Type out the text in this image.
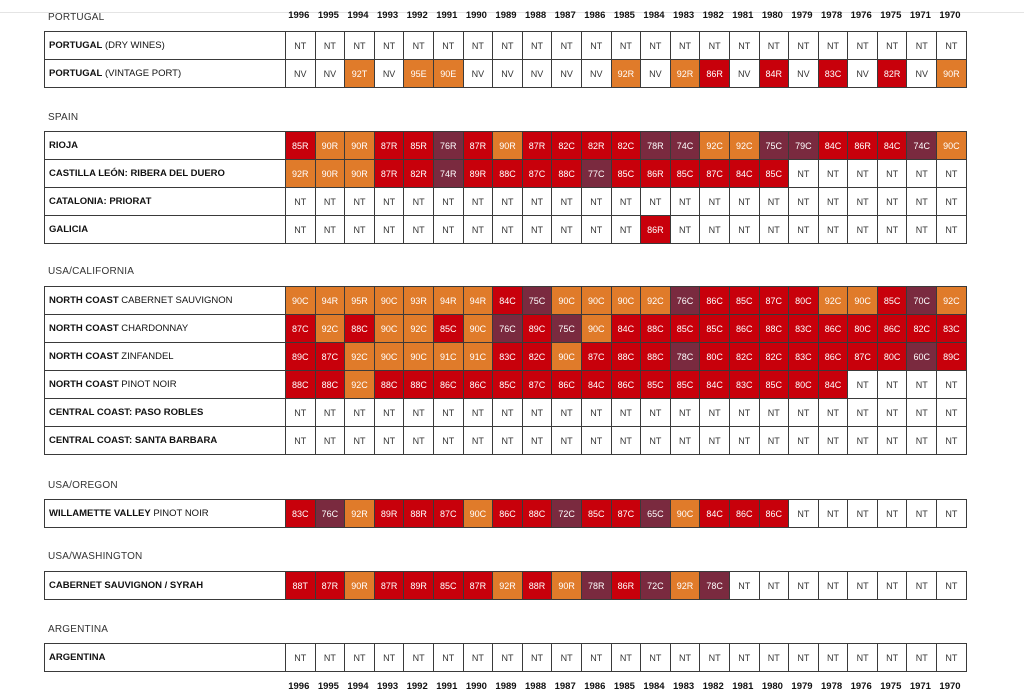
PORTUGAL
PORTUGAL (DRY WINES)	NT	NT	NT	NT	NT	NT	NT	NT	NT	NT	NT	NT	NT	NT	NT	NT	NT	NT	NT	NT	NT	NT	NT
PORTUGAL (VINTAGE PORT)	NV	NV	92T	NV	95E	90E	NV	NV	NV	NV	NV	92R	NV	92R	86R	NV	84R	NV	83C	NV	82R	NV	90R
SPAIN
RIOJA	85R	90R	90R	87R	85R	76R	87R	90R	87R	82C	82R	82C	78R	74C	92C	92C	75C	79C	84C	86R	84C	74C	90C
CASTILLA LEÓN: RIBERA DEL DUERO	92R	90R	90R	87R	82R	74R	89R	88C	87C	88C	77C	85C	86R	85C	87C	84C	85C	NT	NT	NT	NT	NT	NT
CATALONIA: PRIORAT	NT	NT	NT	NT	NT	NT	NT	NT	NT	NT	NT	NT	NT	NT	NT	NT	NT	NT	NT	NT	NT	NT	NT
GALICIA	NT	NT	NT	NT	NT	NT	NT	NT	NT	NT	NT	NT	86R	NT	NT	NT	NT	NT	NT	NT	NT	NT	NT
USA/CALIFORNIA
NORTH COAST CABERNET SAUVIGNON	90C	94R	95R	90C	93R	94R	94R	84C	75C	90C	90C	90C	92C	76C	86C	85C	87C	80C	92C	90C	85C	70C	92C
NORTH COAST CHARDONNAY	87C	92C	88C	90C	92C	85C	90C	76C	89C	75C	90C	84C	88C	85C	85C	86C	88C	83C	86C	80C	86C	82C	83C
NORTH COAST ZINFANDEL	89C	87C	92C	90C	90C	91C	91C	83C	82C	90C	87C	88C	88C	78C	80C	82C	82C	83C	86C	87C	80C	60C	89C
NORTH COAST PINOT NOIR	88C	88C	92C	88C	88C	86C	86C	85C	87C	86C	84C	86C	85C	85C	84C	83C	85C	80C	84C	NT	NT	NT	NT
CENTRAL COAST: PASO ROBLES	NT	NT	NT	NT	NT	NT	NT	NT	NT	NT	NT	NT	NT	NT	NT	NT	NT	NT	NT	NT	NT	NT	NT
CENTRAL COAST: SANTA BARBARA	NT	NT	NT	NT	NT	NT	NT	NT	NT	NT	NT	NT	NT	NT	NT	NT	NT	NT	NT	NT	NT	NT	NT
USA/OREGON
WILLAMETTE VALLEY PINOT NOIR	83C	76C	92R	89R	88R	87C	90C	86C	88C	72C	85C	87C	65C	90C	84C	86C	86C	NT	NT	NT	NT	NT	NT
USA/WASHINGTON
CABERNET SAUVIGNON / SYRAH	88T	87R	90R	87R	89R	85C	87R	92R	88R	90R	78R	86R	72C	92R	78C	NT	NT	NT	NT	NT	NT	NT	NT
ARGENTINA
ARGENTINA	NT	NT	NT	NT	NT	NT	NT	NT	NT	NT	NT	NT	NT	NT	NT	NT	NT	NT	NT	NT	NT	NT	NT
1996 1995 1994 1993 1992 1991 1990 1989 1988 1987 1986 1985 1984 1983 1982 1981 1980 1979 1978 1976 1975 1971 1970
1996 1995 1994 1993 1992 1991 1990 1989 1988 1987 1986 1985 1984 1983 1982 1981 1980 1979 1978 1976 1975 1971 1970
